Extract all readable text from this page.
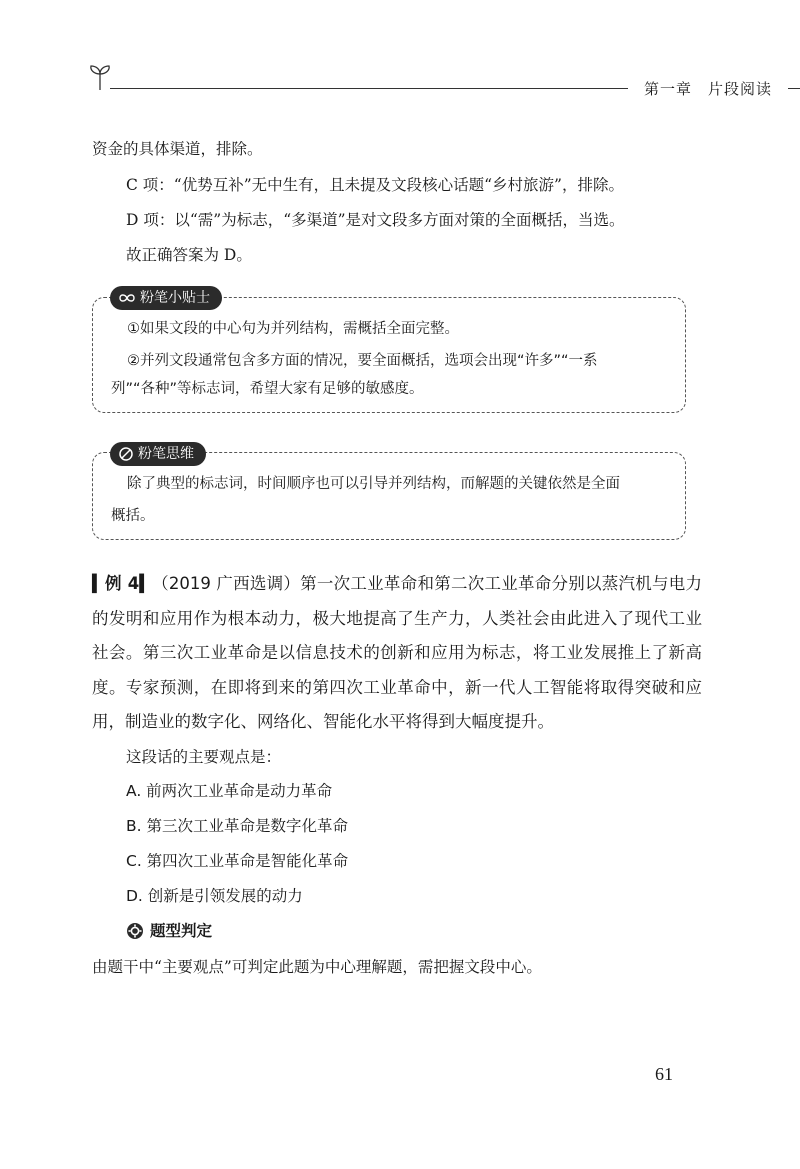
第一章　片段阅读
资金的具体渠道，排除。
C 项：“优势互补”无中生有，且未提及文段核心话题“乡村旅游”，排除。
D 项：以“需”为标志，“多渠道”是对文段多方面对策的全面概括，当选。
故正确答案为 D。
①如果文段的中心句为并列结构，需概括全面完整。
②并列文段通常包含多方面的情况，要全面概括，选项会出现“许多”“一系
列”“各种”等标志词，希望大家有足够的敏感度。
粉笔小贴士
除了典型的标志词，时间顺序也可以引导并列结构，而解题的关键依然是全面
概括。
粉笔思维
▍例 4▍（2019 广西选调）第一次工业革命和第二次工业革命分别以蒸汽机与电力的发明和应用作为根本动力，极大地提高了生产力，人类社会由此进入了现代工业社会。第三次工业革命是以信息技术的创新和应用为标志，将工业发展推上了新高度。专家预测，在即将到来的第四次工业革命中，新一代人工智能将取得突破和应用，制造业的数字化、网络化、智能化水平将得到大幅度提升。
这段话的主要观点是：
A. 前两次工业革命是动力革命
B. 第三次工业革命是数字化革命
C. 第四次工业革命是智能化革命
D. 创新是引领发展的动力
题型判定
由题干中“主要观点”可判定此题为中心理解题，需把握文段中心。
61
